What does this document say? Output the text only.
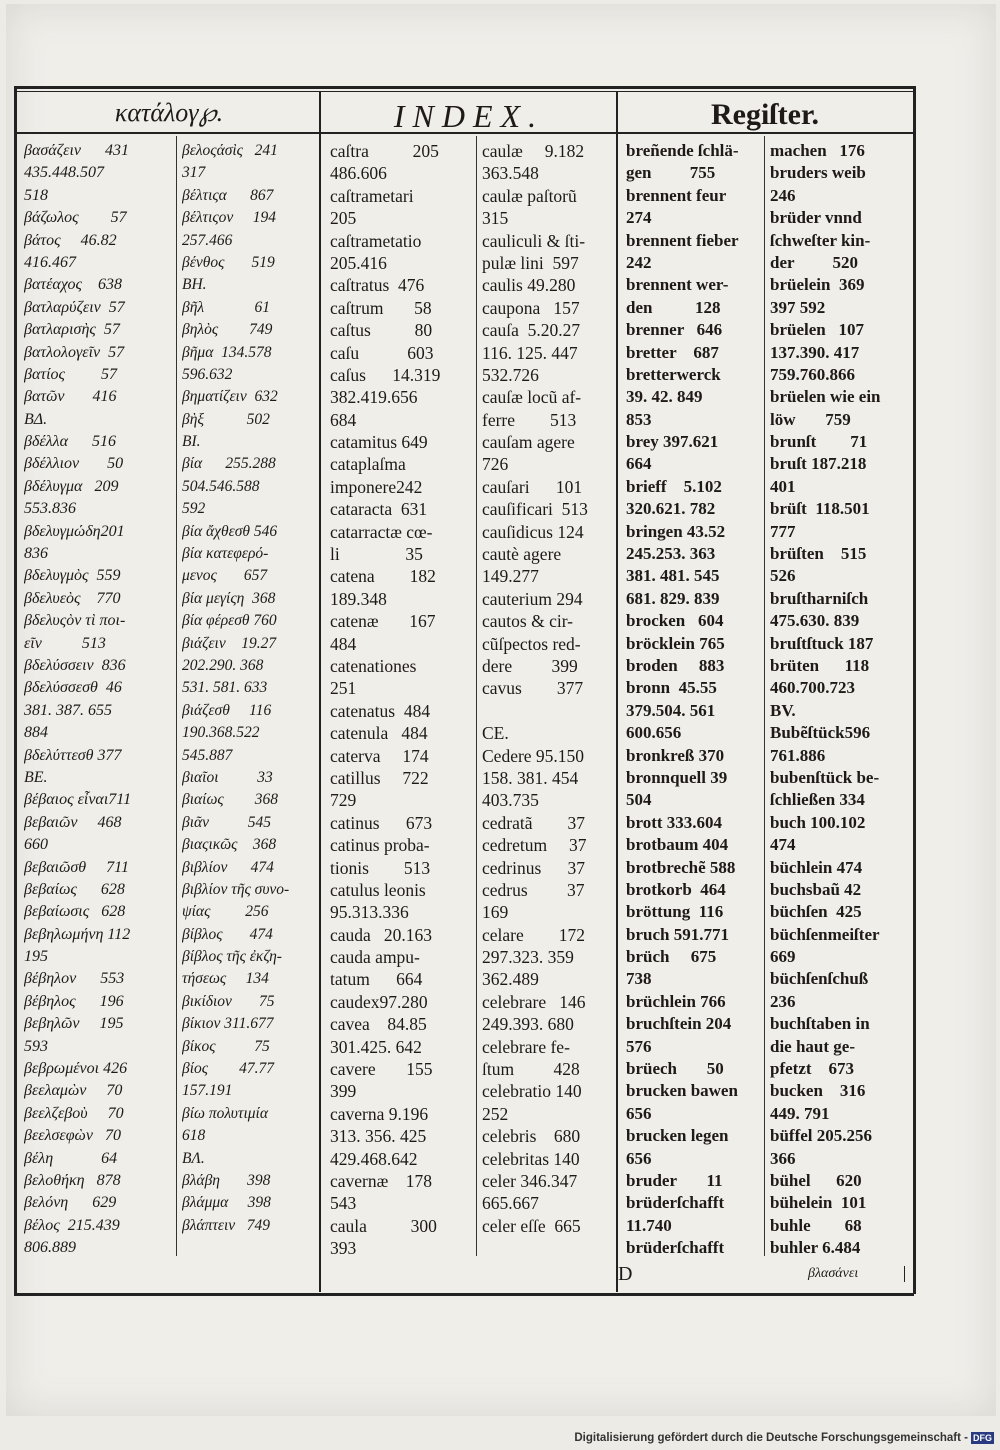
κατάλογ℘.	INDEX.	Regiſter.
βασάζειν      431
435.448.507
518
βάζωλος        57
βάτος     46.82
416.467
βατέαχος    638
βατλαρύζειν  57
βατλαρισὴς  57
βατλολογεῖν  57
βατίος         57
βατῶν       416
ΒΔ.
βδέλλα      516
βδέλλιον       50
βδέλυγμα   209
553.836
βδελυγμώδη201
836
βδελυγμὸς  559
βδελυεὸς    770
βδελυςὸν τὶ ποι-
εῖν          513
βδελύσσειν  836
βδελύσσεσθ  46
381. 387. 655
884
βδελύττεσθ 377
ΒΕ.
βέβαιος εἶναι711
βεβαιῶν     468
660
βεβαιῶσθ     711
βεβαίως      628
βεβαίωσις   628
βεβηλωμήνη 112
195
βέβηλον      553
βέβηλος      196
βεβηλῶν     195
593
βεβρωμένοι 426
βεελαμὼν     70
βεελζεβοὺ     70
βεελσεφὼν   70
βέλη            64
βελοθήκη   878
βελόνη      629
βέλος  215.439
806.889
βελοςάσὶς   241
317
βέλτιςα      867
βέλτιςον     194
257.466
βένθος       519
ΒΗ.
βῆλ             61
βηλὸς        749
βῆμα  134.578
596.632
βηματίζειν  632
βὴξ           502
ΒΙ.
βία      255.288
504.546.588
592
βία ἄχθεσθ 546
βία κατεφερό-
μενος       657
βία μεγίςη  368
βία φέρεσθ 760
βιάζειν    19.27
202.290. 368
531. 581. 633
βιάζεσθ     116
190.368.522
545.887
βιαῖοι          33
βιαίως        368
βιᾶν          545
βιαςικῶς    368
βιβλίον      474
βιβλίον τῆς συνο-
ψίας         256
βίβλος       474
βίβλος τῆς ἐκζη-
τήσεως     134
βικίδιον       75
βίκιον 311.677
βίκος          75
βίος        47.77
157.191
βίω πολυτιμία
618
ΒΛ.
βλάβη       398
βλάμμα     398
βλάπτειν   749
caſtra          205
486.606
caſtrametari
205
caſtrametatio
205.416
caſtratus  476
caſtrum       58
caſtus          80
caſu           603
caſus      14.319
382.419.656
684
catamitus 649
cataplaſma
imponere242
cataracta  631
catarractæ cœ-
li               35
catena        182
189.348
catenæ       167
484
catenationes
251
catenatus  484
catenula   484
caterva     174
catillus     722
729
catinus      673
catinus proba-
tionis        513
catulus leonis
95.313.336
cauda   20.163
cauda ampu-
tatum      664
caudex97.280
cavea    84.85
301.425. 642
cavere       155
399
caverna 9.196
313. 356. 425
429.468.642
cavernæ    178
543
caula          300
393
caulæ     9.182
363.548
caulæ paſtorũ
315
cauliculi & ſti-
pulæ lini  597
caulis 49.280
caupona   157
cauſa  5.20.27
116. 125. 447
532.726
cauſæ locũ af-
ferre        513
cauſam agere
726
cauſari      101
cauſificari  513
cauſidicus 124
cautè agere
149.277
cauterium 294
cautos & cir-
cũſpectos red-
dere         399
cavus        377
CE.
Cedere 95.150
158. 381. 454
403.735
cedratã        37
cedretum     37
cedrinus      37
cedrus         37
169
celare        172
297.323. 359
362.489
celebrare   146
249.393. 680
celebrare fe-
ſtum         428
celebratio 140
252
celebris    680
celebritas 140
celer 346.347
665.667
celer eſſe  665
breñende ſchlä-
gen         755
brennent feur
274
brennent fieber
242
brennent wer-
den          128
brenner   646
bretter    687
bretterwerck
39. 42. 849
853
brey 397.621
664
brieff    5.102
320.621. 782
bringen 43.52
245.253. 363
381. 481. 545
681. 829. 839
brocken   604
bröcklein 765
broden     883
bronn  45.55
379.504. 561
600.656
bronkreß 370
bronnquell 39
504
brott 333.604
brotbaum 404
brotbrechẽ 588
brotkorb  464
bröttung  116
bruch 591.771
brüch     675
738
brüchlein 766
bruchſtein 204
576
brüech       50
brucken bawen
656
brucken legen
656
bruder       11
brüderſchafft
11.740
brüderſchafft
machen   176
bruders weib
246
brüder vnnd
ſchweſter kin-
der         520
brüelein  369
397 592
brüelen   107
137.390. 417
759.760.866
brüelen wie ein
löw       759
brunſt        71
bruſt 187.218
401
brüſt  118.501
777
brüſten    515
526
bruſtharniſch
475.630. 839
bruſtſtuck 187
brüten      118
460.700.723
BV.
Bubẽſtück596
761.886
bubenſtück be-
ſchließen 334
buch 100.102
474
büchlein 474
buchsbaũ 42
büchſen  425
büchſenmeiſter
669
büchſenſchuß
236
buchſtaben in
die haut ge-
pfetzt    673
bucken    316
449. 791
büffel 205.256
366
bühel      620
bühelein  101
buhle        68
buhler 6.484
D	βλασάνει
Digitalisierung gefördert durch die Deutsche Forschungsgemeinschaft - DFG
